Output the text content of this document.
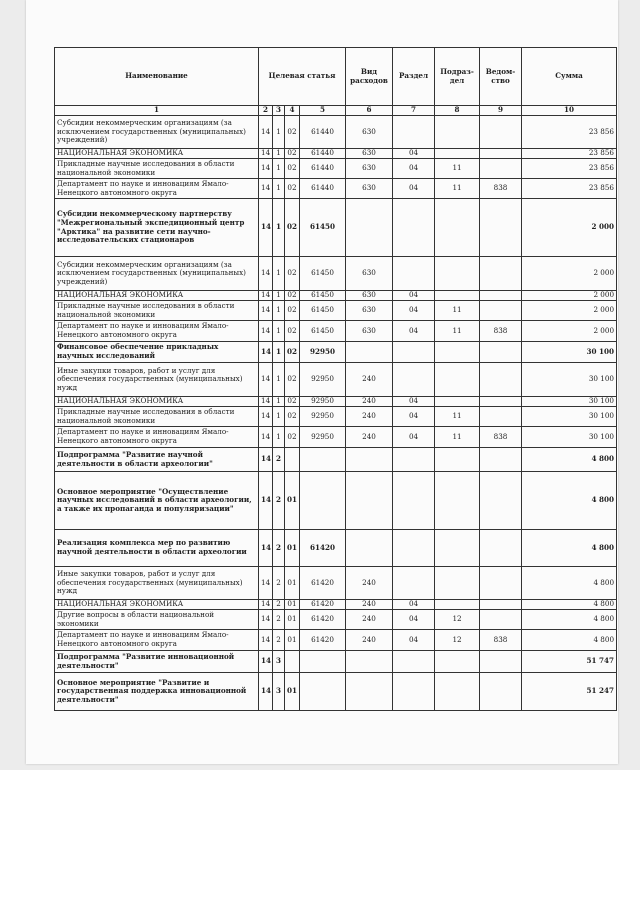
Наименование	Целевая статья				Вид расходов	Раздел	Подраз-дел	Ведом-ство	Сумма
1	2	3	4	5	6	7	8	9	10
Субсидии некоммерческим организациям (за исключением государственных (муниципальных) учреждений)	14	1	02	61440	630				23 856
НАЦИОНАЛЬНАЯ ЭКОНОМИКА	14	1	02	61440	630	04			23 856
Прикладные научные исследования в области национальной экономики	14	1	02	61440	630	04	11		23 856
Департамент по науке и инновациям Ямало-Ненецкого автономного округа	14	1	02	61440	630	04	11	838	23 856
Субсидии некоммерческому партнерству "Межрегиональный экспедиционный центр "Арктика" на развитие сети научно-исследовательских стационаров	14	1	02	61450					2 000
Субсидии некоммерческим организациям (за исключением государственных (муниципальных) учреждений)	14	1	02	61450	630				2 000
НАЦИОНАЛЬНАЯ ЭКОНОМИКА	14	1	02	61450	630	04			2 000
Прикладные научные исследования в области национальной экономики	14	1	02	61450	630	04	11		2 000
Департамент по науке и инновациям Ямало-Ненецкого автономного округа	14	1	02	61450	630	04	11	838	2 000
Финансовое обеспечение прикладных научных исследований	14	1	02	92950					30 100
Иные закупки товаров, работ и услуг для обеспечения государственных (муниципальных) нужд	14	1	02	92950	240				30 100
НАЦИОНАЛЬНАЯ ЭКОНОМИКА	14	1	02	92950	240	04			30 100
Прикладные научные исследования в области национальной экономики	14	1	02	92950	240	04	11		30 100
Департамент по науке и инновациям Ямало-Ненецкого автономного округа	14	1	02	92950	240	04	11	838	30 100
Подпрограмма "Развитие научной деятельности в области археологии"	14	2							4 800
Основное мероприятие "Осуществление научных исследований в области археологии, а также их пропаганда и популяризации"	14	2	01						4 800
Реализация комплекса мер по развитию научной деятельности в области археологии	14	2	01	61420					4 800
Иные закупки товаров, работ и услуг для обеспечения государственных (муниципальных) нужд	14	2	01	61420	240				4 800
НАЦИОНАЛЬНАЯ ЭКОНОМИКА	14	2	01	61420	240	04			4 800
Другие вопросы в области национальной экономики	14	2	01	61420	240	04	12		4 800
Департамент по науке и инновациям Ямало-Ненецкого автономного округа	14	2	01	61420	240	04	12	838	4 800
Подпрограмма "Развитие инновационной деятельности"	14	3							51 747
Основное мероприятие "Развитие и государственная поддержка инновационной деятельности"	14	3	01						51 247
